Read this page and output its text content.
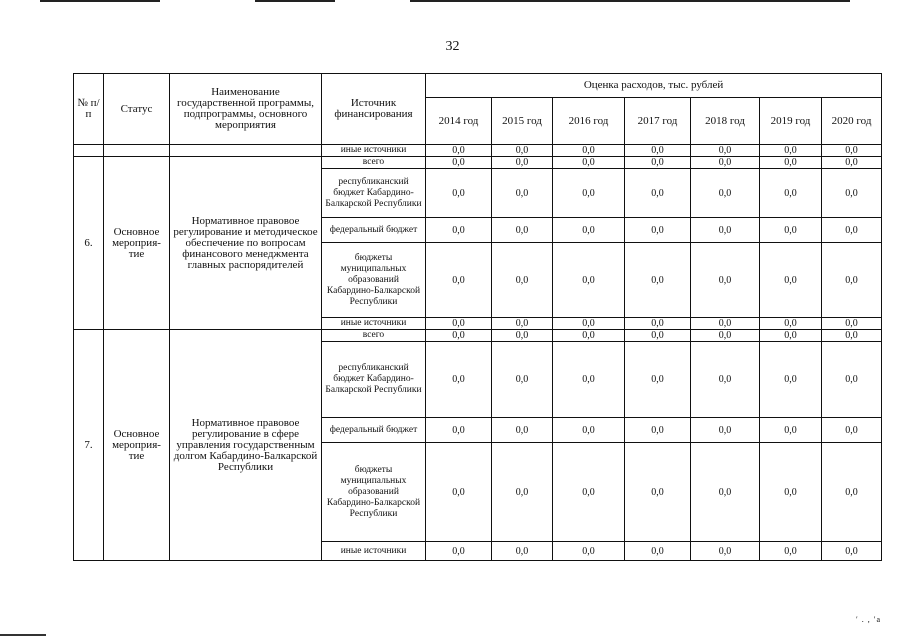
32
№ п/п	Статус	Наименование государственной программы, подпрограммы, основного мероприятия	Источник финансирования	Оценка расходов, тыс. рублей						
				2014 год	2015 год	2016 год	2017 год	2018 год	2019 год	2020 год
			иные источники	0,0	0,0	0,0	0,0	0,0	0,0	0,0
6.	Основное мероприя-тие	Нормативное правовое регулирование и методическое обеспечение по вопросам финансового менеджмента главных распорядителей	всего	0,0	0,0	0,0	0,0	0,0	0,0	0,0
			республиканский бюджет Кабардино-Балкарской Республики	0,0	0,0	0,0	0,0	0,0	0,0	0,0
			федеральный бюджет	0,0	0,0	0,0	0,0	0,0	0,0	0,0
			бюджеты муниципальных образований Кабардино-Балкарской Республики	0,0	0,0	0,0	0,0	0,0	0,0	0,0
			иные источники	0,0	0,0	0,0	0,0	0,0	0,0	0,0
7.	Основное мероприя-тие	Нормативное правовое регулирование в сфере управления государственным долгом Кабардино-Балкарской Республики	всего	0,0	0,0	0,0	0,0	0,0	0,0	0,0
			республиканский бюджет Кабардино-Балкарской Республики	0,0	0,0	0,0	0,0	0,0	0,0	0,0
			федеральный бюджет	0,0	0,0	0,0	0,0	0,0	0,0	0,0
			бюджеты муниципальных образований Кабардино-Балкарской Республики	0,0	0,0	0,0	0,0	0,0	0,0	0,0
			иные источники	0,0	0,0	0,0	0,0	0,0	0,0	0,0
′ . , ′a
